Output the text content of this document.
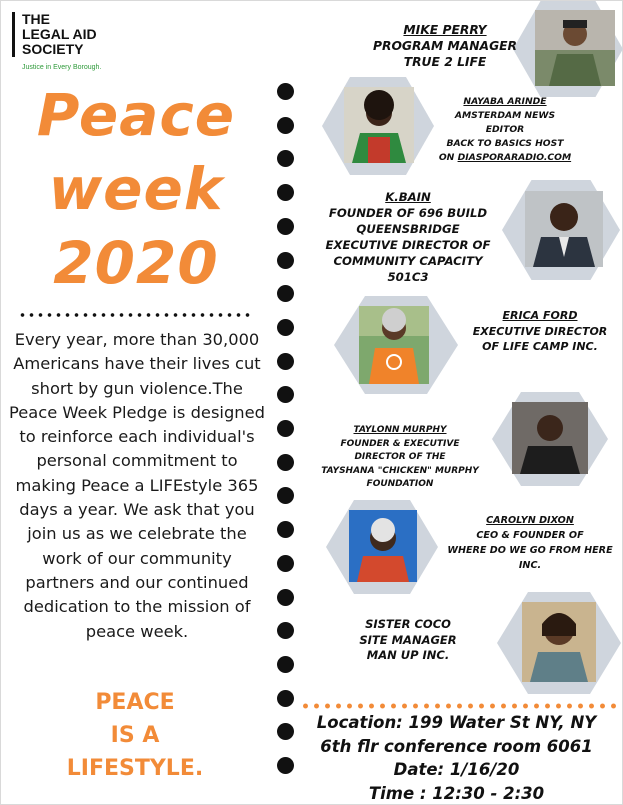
THE
LEGAL AID
SOCIETY
Justice in Every Borough.
Peace
week
2020
Every year, more than 30,000 Americans have their lives cut short by gun violence.The Peace Week Pledge is designed to reinforce each individual's personal commitment to making Peace a LIFEstyle 365 days a year. We ask that you join us as we celebrate the work of our community partners and our continued dedication to the mission of peace week.
PEACE
IS A
LIFESTYLE.
MIKE PERRY
PROGRAM MANAGER
TRUE 2 LIFE
NAYABA ARINDE
AMSTERDAM NEWS
EDITOR
BACK TO BASICS HOST
ON DIASPORARADIO.COM
K.BAIN
FOUNDER OF 696 BUILD
QUEENSBRIDGE
EXECUTIVE DIRECTOR OF
COMMUNITY CAPACITY
501C3
ERICA FORD
EXECUTIVE DIRECTOR
OF LIFE CAMP INC.
TAYLONN MURPHY
FOUNDER & EXECUTIVE
DIRECTOR OF THE
TAYSHANA "CHICKEN" MURPHY
FOUNDATION
CAROLYN DIXON
CEO & FOUNDER OF
WHERE DO WE GO FROM HERE
INC.
SISTER COCO
SITE MANAGER
MAN UP INC.
Location: 199 Water St NY, NY
6th flr conference room 6061
Date: 1/16/20
Time : 12:30 - 2:30
